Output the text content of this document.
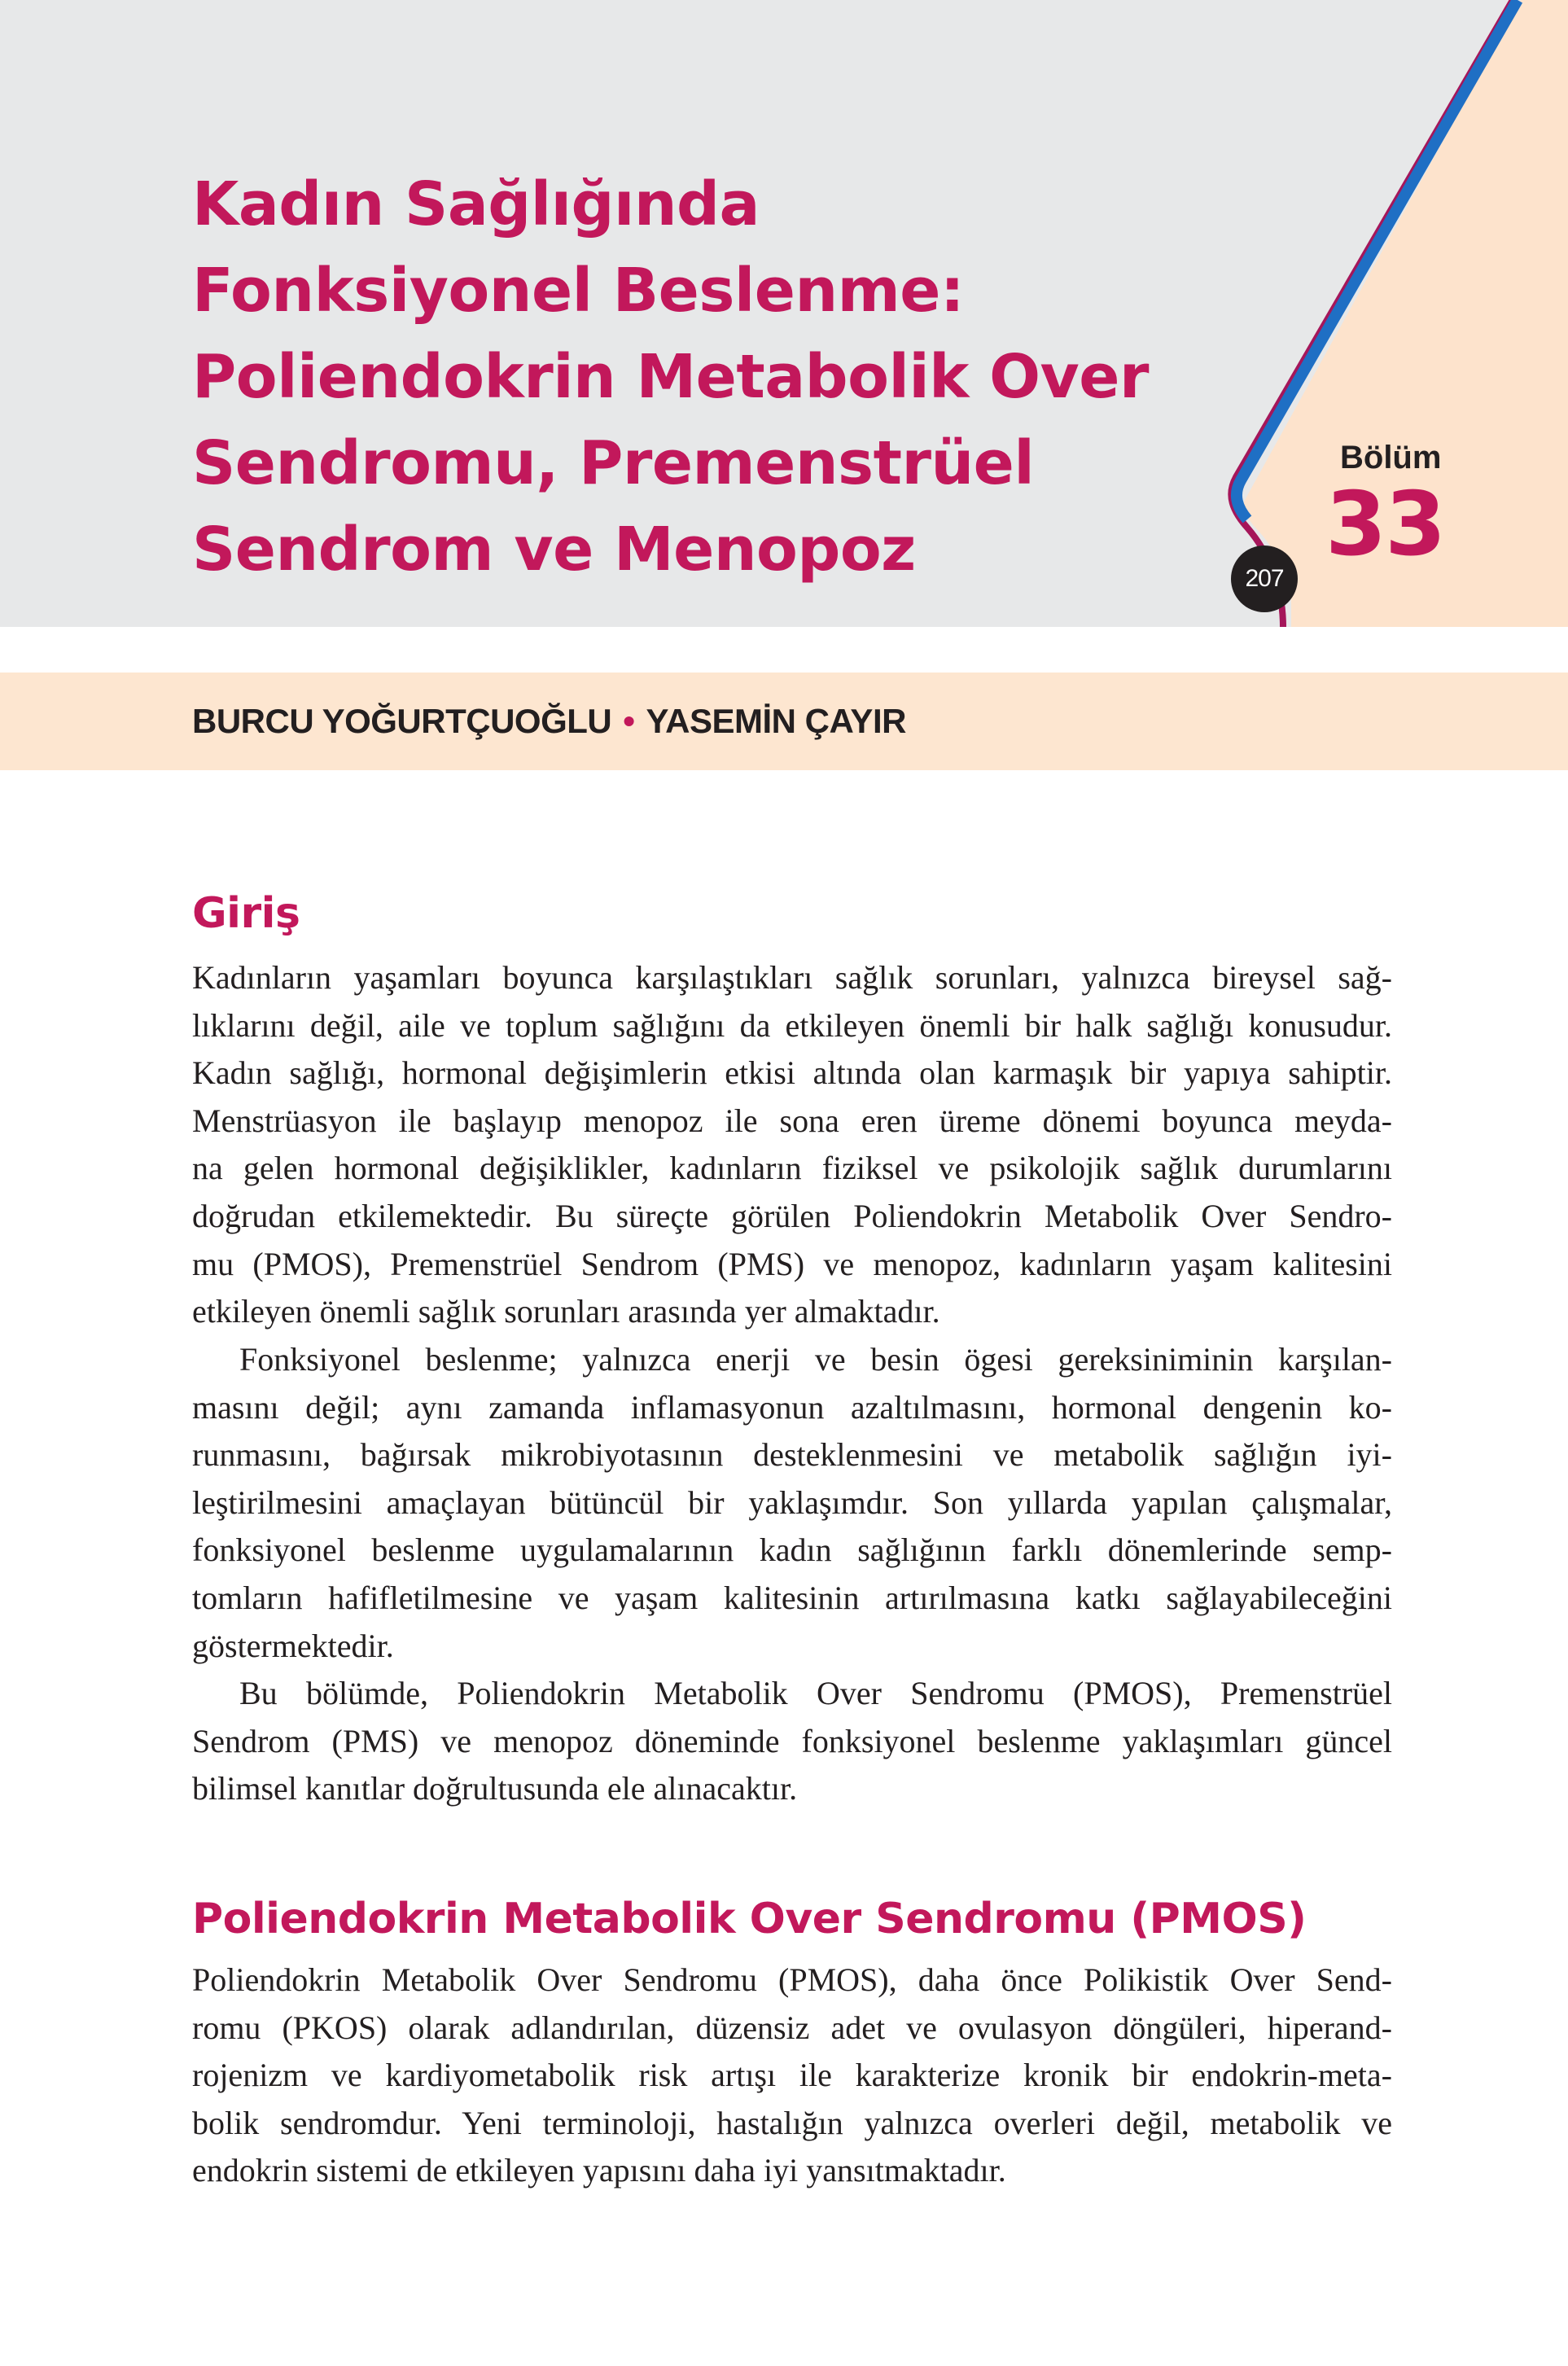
Kadın Sağlığında
Fonksiyonel Beslenme:
Poliendokrin Metabolik Over
Sendromu, Premenstrüel
Sendrom ve Menopoz
Bölüm
33
207
BURCU YOĞURTÇUOĞLU • YASEMİN ÇAYIR
Giriş

Kadınların yaşamları boyunca karşılaştıkları sağlık sorunları, yalnızca bireysel sağ-
lıklarını değil, aile ve toplum sağlığını da etkileyen önemli bir halk sağlığı konusudur.
Kadın sağlığı, hormonal değişimlerin etkisi altında olan karmaşık bir yapıya sahiptir.
Menstrüasyon ile başlayıp menopoz ile sona eren üreme dönemi boyunca meyda-
na gelen hormonal değişiklikler, kadınların fiziksel ve psikolojik sağlık durumlarını
doğrudan etkilemektedir. Bu süreçte görülen Poliendokrin Metabolik Over Sendro-
mu (PMOS), Premenstrüel Sendrom (PMS) ve menopoz, kadınların yaşam kalitesini
etkileyen önemli sağlık sorunları arasında yer almaktadır.

Fonksiyonel beslenme; yalnızca enerji ve besin ögesi gereksiniminin karşılan-
masını değil; aynı zamanda inflamasyonun azaltılmasını, hormonal dengenin ko-
runmasını, bağırsak mikrobiyotasının desteklenmesini ve metabolik sağlığın iyi-
leştirilmesini amaçlayan bütüncül bir yaklaşımdır. Son yıllarda yapılan çalışmalar,
fonksiyonel beslenme uygulamalarının kadın sağlığının farklı dönemlerinde semp-
tomların hafifletilmesine ve yaşam kalitesinin artırılmasına katkı sağlayabileceğini
göstermektedir.

Bu bölümde, Poliendokrin Metabolik Over Sendromu (PMOS), Premenstrüel
Sendrom (PMS) ve menopoz döneminde fonksiyonel beslenme yaklaşımları güncel
bilimsel kanıtlar doğrultusunda ele alınacaktır.

Poliendokrin Metabolik Over Sendromu (PMOS)

Poliendokrin Metabolik Over Sendromu (PMOS), daha önce Polikistik Over Send-
romu (PKOS) olarak adlandırılan, düzensiz adet ve ovulasyon döngüleri, hiperand-
rojenizm ve kardiyometabolik risk artışı ile karakterize kronik bir endokrin-meta-
bolik sendromdur. Yeni terminoloji, hastalığın yalnızca overleri değil, metabolik ve
endokrin sistemi de etkileyen yapısını daha iyi yansıtmaktadır.
